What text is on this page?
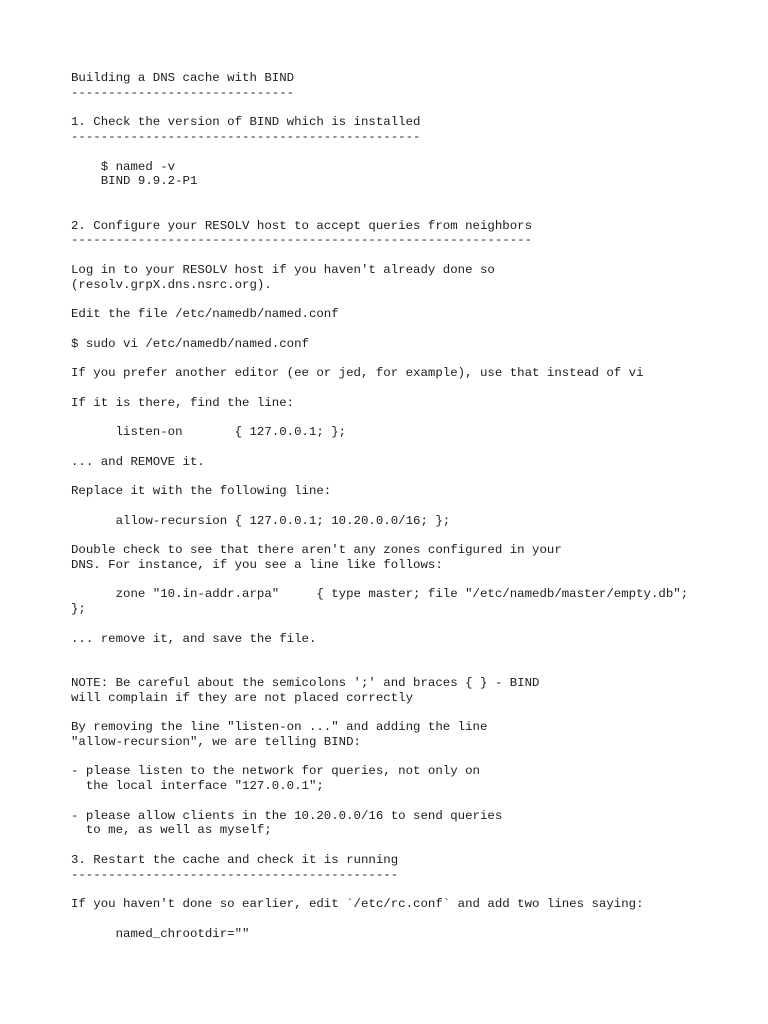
Building a DNS cache with BIND
------------------------------
1. Check the version of BIND which is installed
-----------------------------------------------
$ named -v
BIND 9.9.2-P1
2. Configure your RESOLV host to accept queries from neighbors
--------------------------------------------------------------
Log in to your RESOLV host if you haven't already done so
(resolv.grpX.dns.nsrc.org).
Edit the file /etc/namedb/named.conf
$ sudo vi /etc/namedb/named.conf
If you prefer another editor (ee or jed, for example), use that instead of vi
If it is there, find the line:
listen-on       { 127.0.0.1; };
... and REMOVE it.
Replace it with the following line:
allow-recursion { 127.0.0.1; 10.20.0.0/16; };
Double check to see that there aren't any zones configured in your
DNS. For instance, if you see a line like follows:
zone "10.in-addr.arpa"     { type master; file "/etc/namedb/master/empty.db";
};
... remove it, and save the file.
NOTE: Be careful about the semicolons ';' and braces { } - BIND
will complain if they are not placed correctly
By removing the line "listen-on ..." and adding the line
"allow-recursion", we are telling BIND:
- please listen to the network for queries, not only on
the local interface "127.0.0.1";
- please allow clients in the 10.20.0.0/16 to send queries
to me, as well as myself;
3. Restart the cache and check it is running
--------------------------------------------
If you haven't done so earlier, edit `/etc/rc.conf` and add two lines saying:
named_chrootdir=""
